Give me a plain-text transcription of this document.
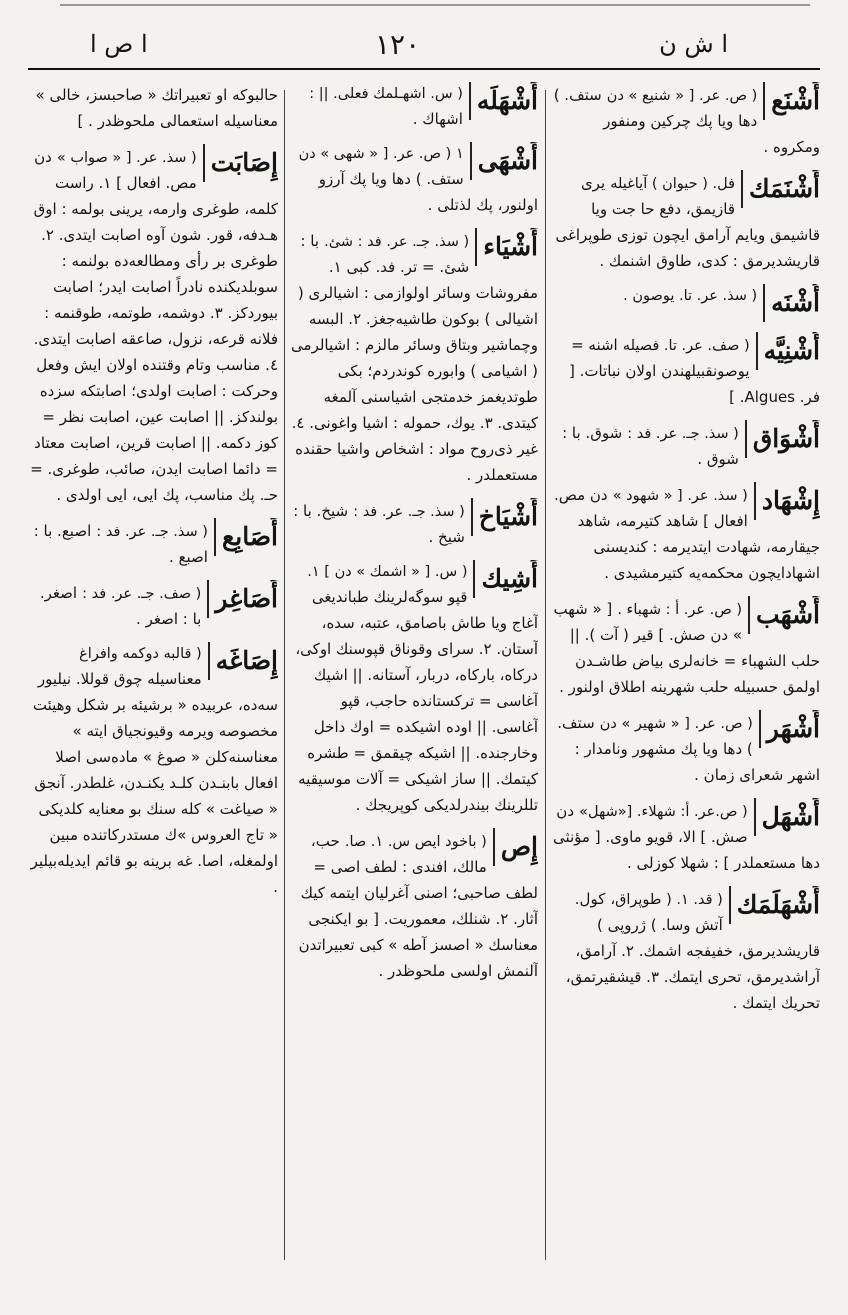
ا ش ن
١٢٠
ا ص ا
أَشْنَع
( ص. عر. [ « شنيع » دن ستف. ) دها ويا پك چركين ومنفور ومكروه .
أَشْنَمَك
فل. ( حيوان ) آياغيله يرى قازيمق، دفع حا جت ويا قاشيمق ويايم آرامق ايچون توزى طوپراغى قاريشديرمق : كدى، طاوق اشنمك .
أُشْنَه
( سذ. عر. تا. يوصون .
أُشْنِيَّه
( صف. عر. تا. فصيله اشنه = يوصونقبيلهندن اولان نباتات. [ فر. Algues. ]
أَشْوَاق
( سذ. جـ. عر. فد : شوق. با : شوق .
إِشْهَاد
( سذ. عر. [ « شهود » دن مص. افعال ] شاهد كتيرمه، شاهد جيقارمه، شهادت ايتديرمه : كنديسنى اشهادايچون محكمه‌يه كتيرمشيدى .
أَشْهَب
( ص. عر. أ : شهباء . [ « شهب » دن صش. ] قير ( آت ). || حلب الشهباء = خانه‌لرى بياض طاشـدن اولمق حسبيله حلب شهرينه اطلاق اولنور .
أَشْهَر
( ص. عر. [ « شهير » دن ستف. ) دها ويا پك مشهور ونامدار : اشهر شعراى زمان .
أَشْهَل
( ص.عر. أ: شهلاء. [«شهل» دن صش. ] الا، قويو ماوى. [ مؤنثى دها مستعملدر ] : شهلا كوزلى .
أَشْهَلَمَك
( قد. ١. ( طوپراق، كول. آتش وسا. ) ژروپى ) قاريشديرمق، خفيفجه اشمك. ٢. آرامق، آراشديرمق، تحرى ايتمك. ٣. قيشقيرتمق، تحريك ايتمك .
أَشْهَلَه
( س. اشهـلمك فعلى. || : اشهاك .
أَشْهَى
١ ( ص. عر. [ « شهى » دن ستف. ) دها ويا پك آرزو اولنور، پك لذتلى .
أَشْيَاء
( سذ. جـ. عر. فد : شئ. با : شئ. = تر. فد. كبى ١. مفروشات وسائر اولوازمى : اشيالرى ( اشيالى ) بوكون طاشيه‌جغز. ٢. البسه وچماشير وبتاق وسائر مالزم : اشيالرمى ( اشيامى ) وابوره كوندردم؛ بكى طوتديغمز خدمتجى اشياسنى آلمغه كيتدى. ٣. يوك، حموله : اشيا واغونى. ٤. غير ذى‌روح مواد : اشخاص واشيا حقنده مستعملدر .
أَشْيَاخ
( سذ. جـ. عر. فد : شيخ. با : شيخ .
أَشِيك
( س. [ « اشمك » دن ] ١. قپو سوگه‌لرينك طبانديغى آغاج ويا طاش باصامق، عتبه، سده، آستان. ٢. سراى وقوناق قپوسنك اوكى، دركاه، باركاه، دربار، آستانه. || اشيك آغاسى = تركستانده حاجب، قپو آغاسى. || اوده اشيكده = اوك داخل وخارجنده. || اشيكه چيقمق = طشره كيتمك. || ساز اشيكى = آلات موسيقيه تللرينك بيندرلديكى كوپريجك .
إِص
( باخود ايص س. ١. صا. حب، مالك، افندى : لطف اصى = لطف صاحبى؛ اصنى آغرليان ايتمه كيك آثار. ٢. شنلك، معموريت. [ بو ايكنجى معناسك « اصسز آطه » كبى تعبيراتدن آلنمش اولسى ملحوظدر .
حالبوكه او تعبيراتك « صاحبسز، خالى » معناسيله استعمالى ملحوظدر . ]
إِصَابَت
( سذ. عر. [ « صواب » دن مص. افعال ] ١. راست كلمه، طوغرى وارمه، يرينى بولمه : اوق هـدفه، قور. شون آوه اصابت ايتدى. ٢. طوغرى بر رأى ومطالعه‌ده بولنمه : سوبلديكنده نادراً اصابت ايدر؛ اصابت بيوردكز. ٣. دوشمه، طوتمه، طوقنمه : فلانه قرعه، نزول، صاعقه اصابت ايتدى. ٤. مناسب وتام وقتنده اولان ايش وفعل وحركت : اصابت اولدى؛ اصابتكه سزده بولندكز. || اصابت عين، اصابت نظر = كوز دكمه. || اصابت قرين، اصابت معتاد = دائما اصابت ايدن، صائب، طوغرى. = حـ. پك مناسب، پك ايى، ايى اولدى .
أَصَابِع
( سذ. جـ. عر. فد : اصبع. با : اصبع .
أَصَاغِر
( صف. جـ. عر. فد : اصغر. با : اصغر .
إِصَاغَه
( قالبه دوكمه وافراغ معناسيله چوق قوللا. نيليور سه‌ده، عربيده « برشيئه بر شكل وهيئت مخصوصه ويرمه وقيونجياق ايته » معناسنه‌كلن « صوغ » ماده‌سى اصلا افعال بابنـدن كلـد يكنـدن، غلطدر. آنجق « صياغت » كله سنك بو معنايه كلديكى « تاج العروس »ك مستدركاتنده مبين اولمغله، اصا. غه برينه بو قائم ايديله‌بيلير .
